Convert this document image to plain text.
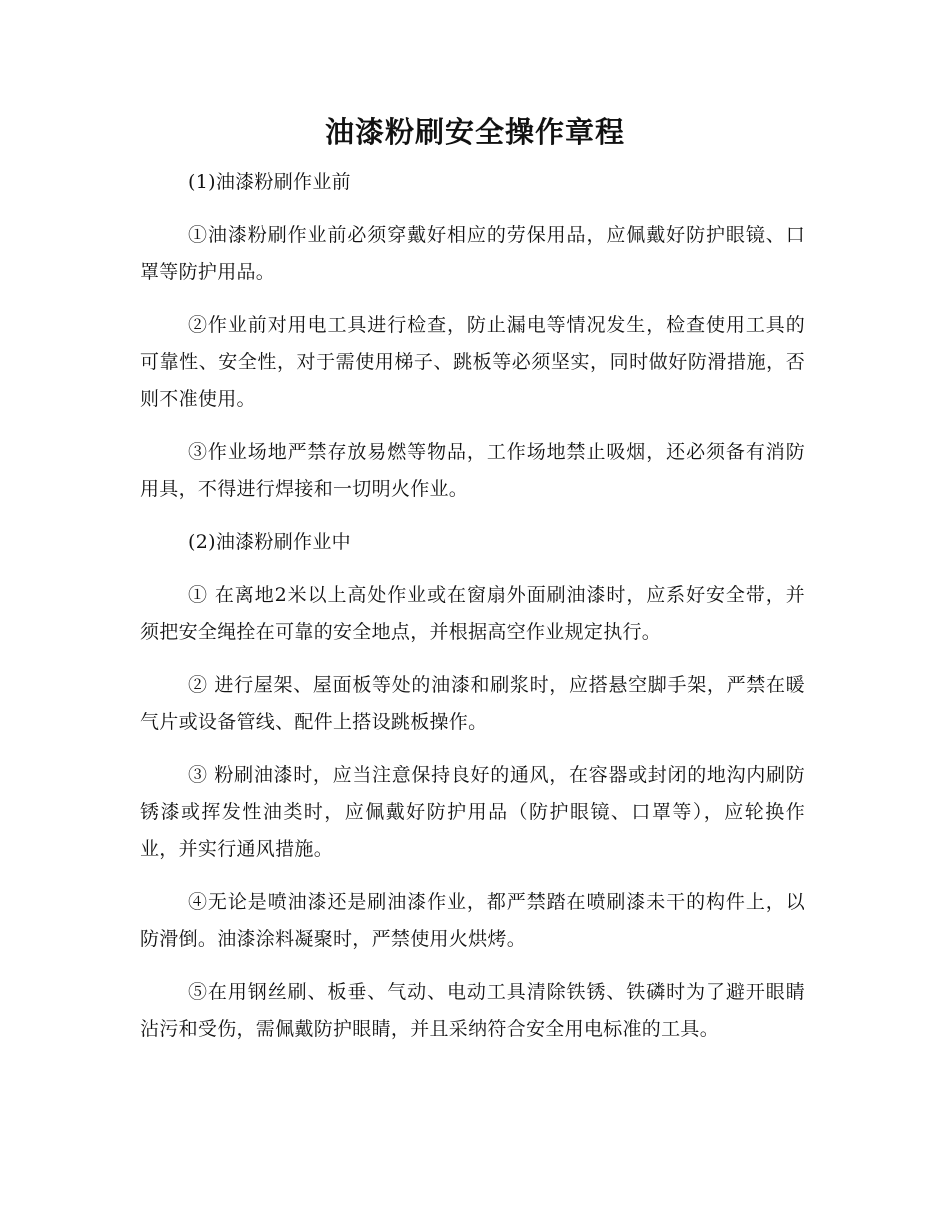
油漆粉刷安全操作章程

(1)油漆粉刷作业前

①油漆粉刷作业前必须穿戴好相应的劳保用品，应佩戴好防护眼镜、口罩等防护用品。

②作业前对用电工具进行检查，防止漏电等情况发生，检查使用工具的可靠性、安全性，对于需使用梯子、跳板等必须坚实，同时做好防滑措施，否则不准使用。

③作业场地严禁存放易燃等物品，工作场地禁止吸烟，还必须备有消防用具，不得进行焊接和一切明火作业。

(2)油漆粉刷作业中

① 在离地2米以上高处作业或在窗扇外面刷油漆时，应系好安全带，并须把安全绳拴在可靠的安全地点，并根据高空作业规定执行。

② 进行屋架、屋面板等处的油漆和刷浆时，应搭悬空脚手架，严禁在暖气片或设备管线、配件上搭设跳板操作。

③ 粉刷油漆时，应当注意保持良好的通风，在容器或封闭的地沟内刷防锈漆或挥发性油类时，应佩戴好防护用品（防护眼镜、口罩等），应轮换作业，并实行通风措施。

④无论是喷油漆还是刷油漆作业，都严禁踏在喷刷漆未干的构件上，以防滑倒。油漆涂料凝聚时，严禁使用火烘烤。

⑤在用钢丝刷、板垂、气动、电动工具清除铁锈、铁磷时为了避开眼睛沾污和受伤，需佩戴防护眼睛，并且采纳符合安全用电标准的工具。
